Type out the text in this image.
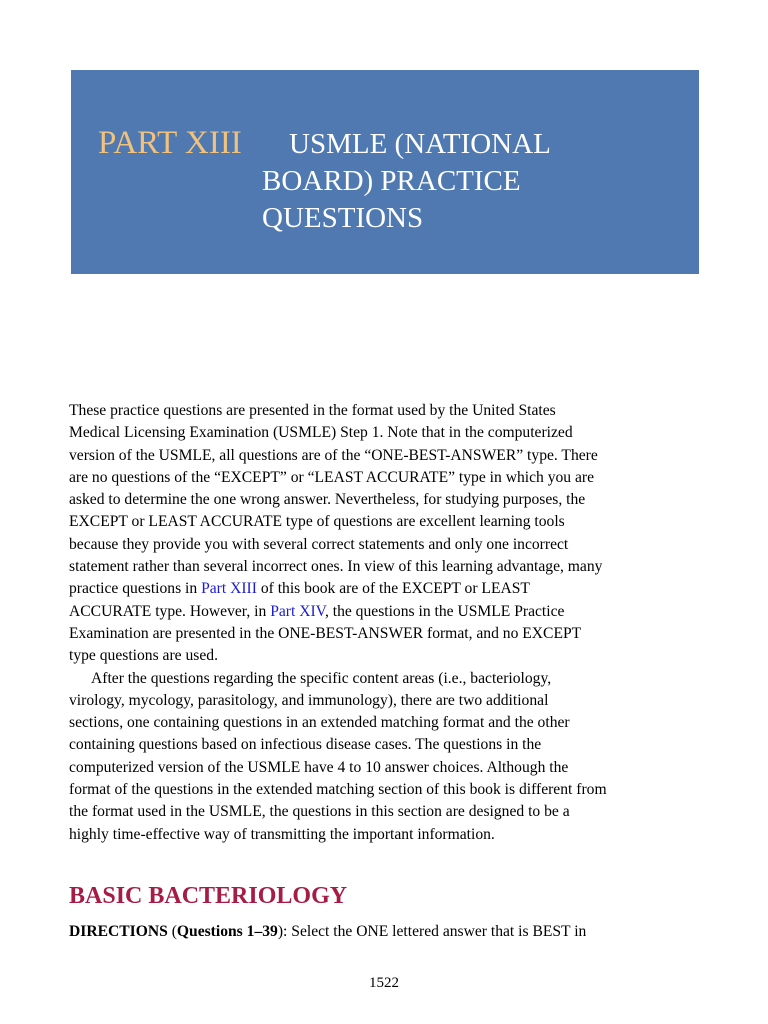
PART XIII	USMLE (NATIONAL
BOARD) PRACTICE
QUESTIONS

These practice questions are presented in the format used by the United States
Medical Licensing Examination (USMLE) Step 1. Note that in the computerized
version of the USMLE, all questions are of the “ONE-BEST-ANSWER” type. There
are no questions of the “EXCEPT” or “LEAST ACCURATE” type in which you are
asked to determine the one wrong answer. Nevertheless, for studying purposes, the
EXCEPT or LEAST ACCURATE type of questions are excellent learning tools
because they provide you with several correct statements and only one incorrect
statement rather than several incorrect ones. In view of this learning advantage, many
practice questions in Part XIII of this book are of the EXCEPT or LEAST
ACCURATE type. However, in Part XIV, the questions in the USMLE Practice
Examination are presented in the ONE-BEST-ANSWER format, and no EXCEPT
type questions are used.

After the questions regarding the specific content areas (i.e., bacteriology,
virology, mycology, parasitology, and immunology), there are two additional
sections, one containing questions in an extended matching format and the other
containing questions based on infectious disease cases. The questions in the
computerized version of the USMLE have 4 to 10 answer choices. Although the
format of the questions in the extended matching section of this book is different from
the format used in the USMLE, the questions in this section are designed to be a
highly time-effective way of transmitting the important information.

BASIC BACTERIOLOGY
DIRECTIONS (Questions 1–39): Select the ONE lettered answer that is BEST in
1522
